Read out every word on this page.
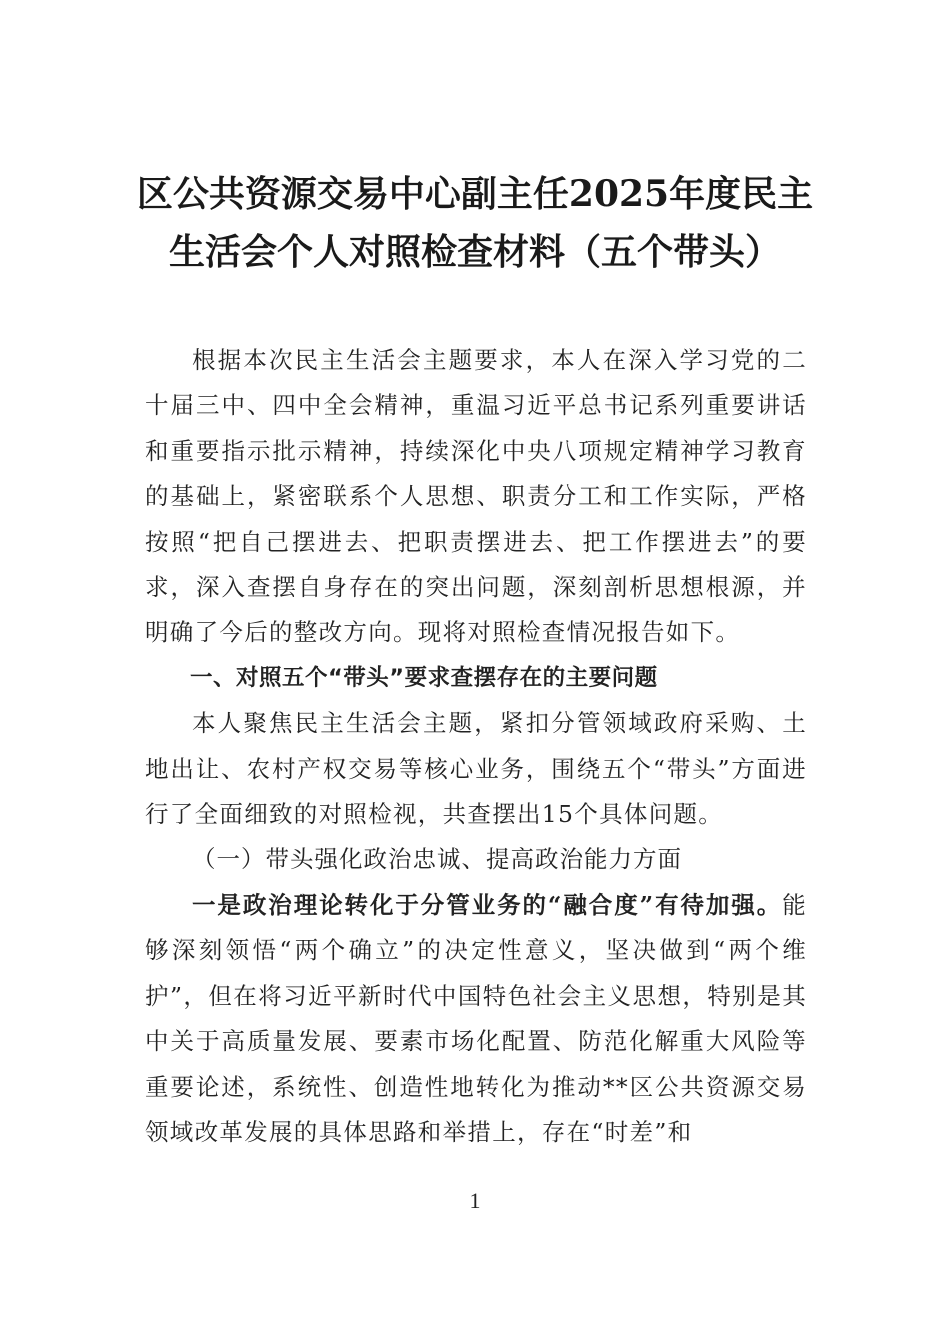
区公共资源交易中心副主任2025年度民主
生活会个人对照检查材料（五个带头）

根据本次民主生活会主题要求，本人在深入学习党的二十届三中、四中全会精神，重温习近平总书记系列重要讲话和重要指示批示精神，持续深化中央八项规定精神学习教育的基础上，紧密联系个人思想、职责分工和工作实际，严格按照“把自己摆进去、把职责摆进去、把工作摆进去”的要求，深入查摆自身存在的突出问题，深刻剖析思想根源，并明确了今后的整改方向。现将对照检查情况报告如下。

一、对照五个“带头”要求查摆存在的主要问题

本人聚焦民主生活会主题，紧扣分管领域政府采购、土地出让、农村产权交易等核心业务，围绕五个“带头”方面进行了全面细致的对照检视，共查摆出15个具体问题。

（一）带头强化政治忠诚、提高政治能力方面

一是政治理论转化于分管业务的“融合度”有待加强。能够深刻领悟“两个确立”的决定性意义，坚决做到“两个维护”，但在将习近平新时代中国特色社会主义思想，特别是其中关于高质量发展、要素市场化配置、防范化解重大风险等重要论述，系统性、创造性地转化为推动**区公共资源交易领域改革发展的具体思路和举措上，存在“时差”和

1
